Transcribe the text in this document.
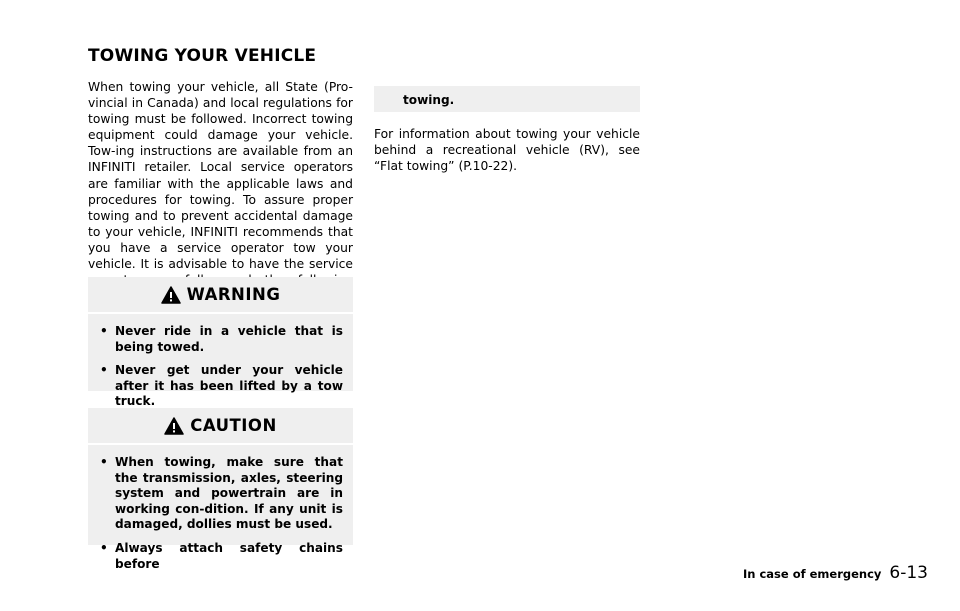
TOWING YOUR VEHICLE

When towing your vehicle, all State (Pro-vincial in Canada) and local regulations for towing must be followed. Incorrect towing equipment could damage your vehicle. Tow-ing instructions are available from an INFINITI retailer. Local service operators are familiar with the applicable laws and procedures for towing. To assure proper towing and to prevent accidental damage to your vehicle, INFINITI recommends that you have a service operator tow your vehicle. It is advisable to have the service

WARNING
• Never ride in a vehicle that is being towed.
• Never get under your vehicle after it has been lifted by a tow truck.
CAUTION
• When towing, make sure that the transmission, axles, steering system and powertrain are in working con-dition. If any unit is damaged, dollies must be used.
• Always attach safety chains before
towing.

For information about towing your vehicle behind a recreational vehicle (RV), see “Flat towing” (P.10-22).

In case of emergency 6-13
